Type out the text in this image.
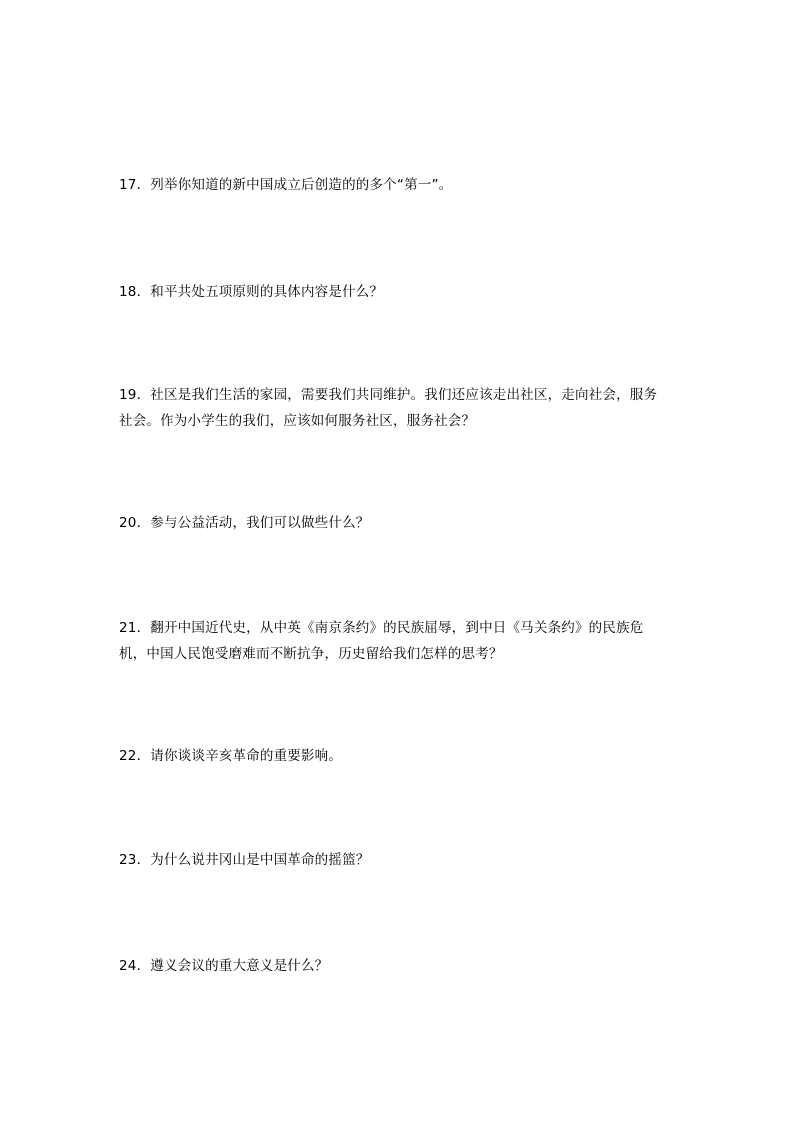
17．列举你知道的新中国成立后创造的的多个“第一”。
18．和平共处五项原则的具体内容是什么？
19．社区是我们生活的家园，需要我们共同维护。我们还应该走出社区，走向社会，服务
社会。作为小学生的我们，应该如何服务社区，服务社会？
20．参与公益活动，我们可以做些什么？
21．翻开中国近代史，从中英《南京条约》的民族屈辱，到中日《马关条约》的民族危
机，中国人民饱受磨难而不断抗争，历史留给我们怎样的思考？
22．请你谈谈辛亥革命的重要影响。
23．为什么说井冈山是中国革命的摇篮？
24．遵义会议的重大意义是什么？
